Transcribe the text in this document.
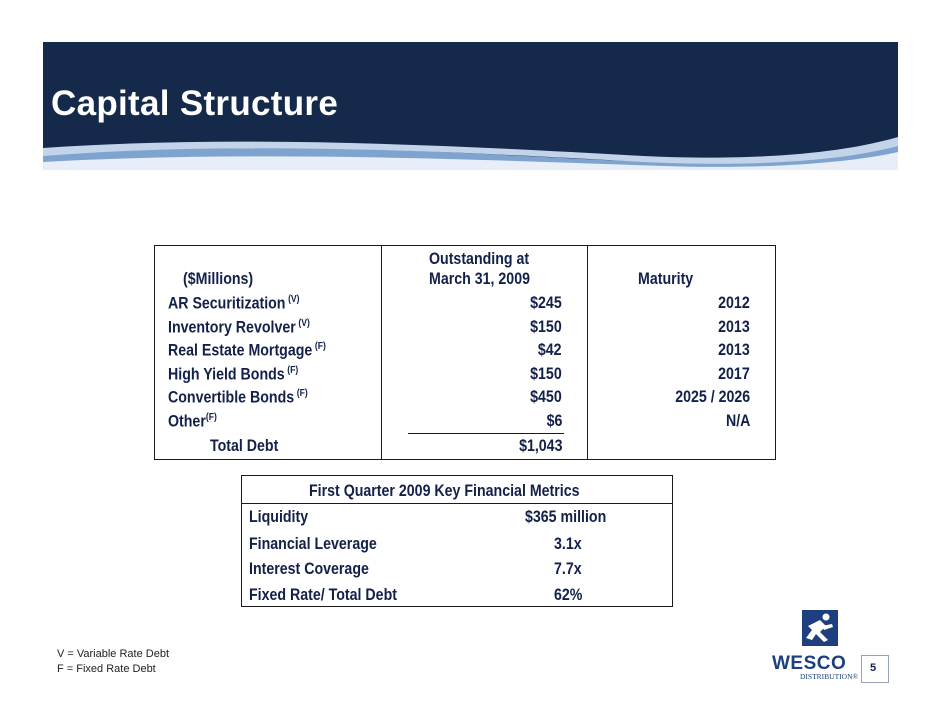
Capital Structure
Outstanding at
($Millions)	March 31, 2009	Maturity
AR Securitization $^{(V)}$	$245	2012
Inventory Revolver $^{(V)}$	$150	2013
Real Estate Mortgage $^{(F)}$	$42	2013
High Yield Bonds $^{(F)}$	$150	2017
Convertible Bonds $^{(F)}$	$450	2025 / 2026
Other$^{(F)}$	$6	N/A
Total Debt	$1,043
First Quarter 2009 Key Financial Metrics
Liquidity	$365 million
Financial Leverage	3.1x
Interest Coverage	7.7x
Fixed Rate/ Total Debt	62%
V = Variable Rate Debt
F = Fixed Rate Debt	WESCO
DISTRIBUTION®
5
